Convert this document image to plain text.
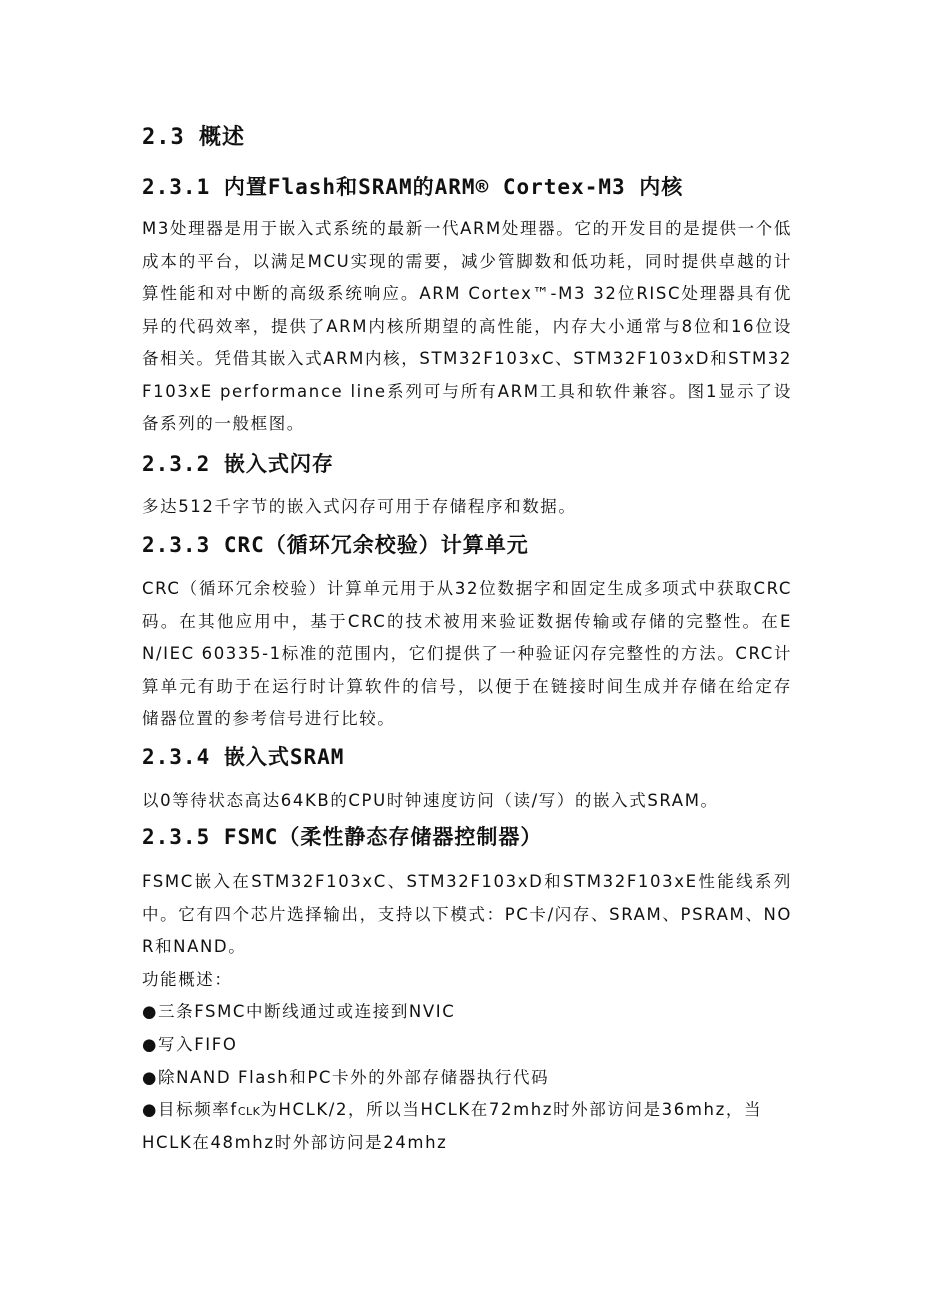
2.3 概述
2.3.1 内置Flash和SRAM的ARM® Cortex-M3 内核
M3处理器是用于嵌入式系统的最新一代ARM处理器。它的开发目的是提供一个低成本的平台，以满足MCU实现的需要，减少管脚数和低功耗，同时提供卓越的计算性能和对中断的高级系统响应。ARM Cortex™-M3 32位RISC处理器具有优异的代码效率，提供了ARM内核所期望的高性能，内存大小通常与8位和16位设备相关。凭借其嵌入式ARM内核，STM32F103xC、STM32F103xD和STM32F103xE performance line系列可与所有ARM工具和软件兼容。图1显示了设备系列的一般框图。
2.3.2 嵌入式闪存
多达512千字节的嵌入式闪存可用于存储程序和数据。
2.3.3 CRC（循环冗余校验）计算单元
CRC（循环冗余校验）计算单元用于从32位数据字和固定生成多项式中获取CRC码。在其他应用中，基于CRC的技术被用来验证数据传输或存储的完整性。在EN/IEC 60335-1标准的范围内，它们提供了一种验证闪存完整性的方法。CRC计算单元有助于在运行时计算软件的信号，以便于在链接时间生成并存储在给定存储器位置的参考信号进行比较。
2.3.4 嵌入式SRAM
以0等待状态高达64KB的CPU时钟速度访问（读/写）的嵌入式SRAM。
2.3.5 FSMC（柔性静态存储器控制器）
FSMC嵌入在STM32F103xC、STM32F103xD和STM32F103xE性能线系列中。它有四个芯片选择输出，支持以下模式：PC卡/闪存、SRAM、PSRAM、NOR和NAND。
功能概述：
●三条FSMC中断线通过或连接到NVIC
●写入FIFO
●除NAND Flash和PC卡外的外部存储器执行代码
●目标频率fCLK为HCLK/2，所以当HCLK在72mhz时外部访问是36mhz，当
HCLK在48mhz时外部访问是24mhz
